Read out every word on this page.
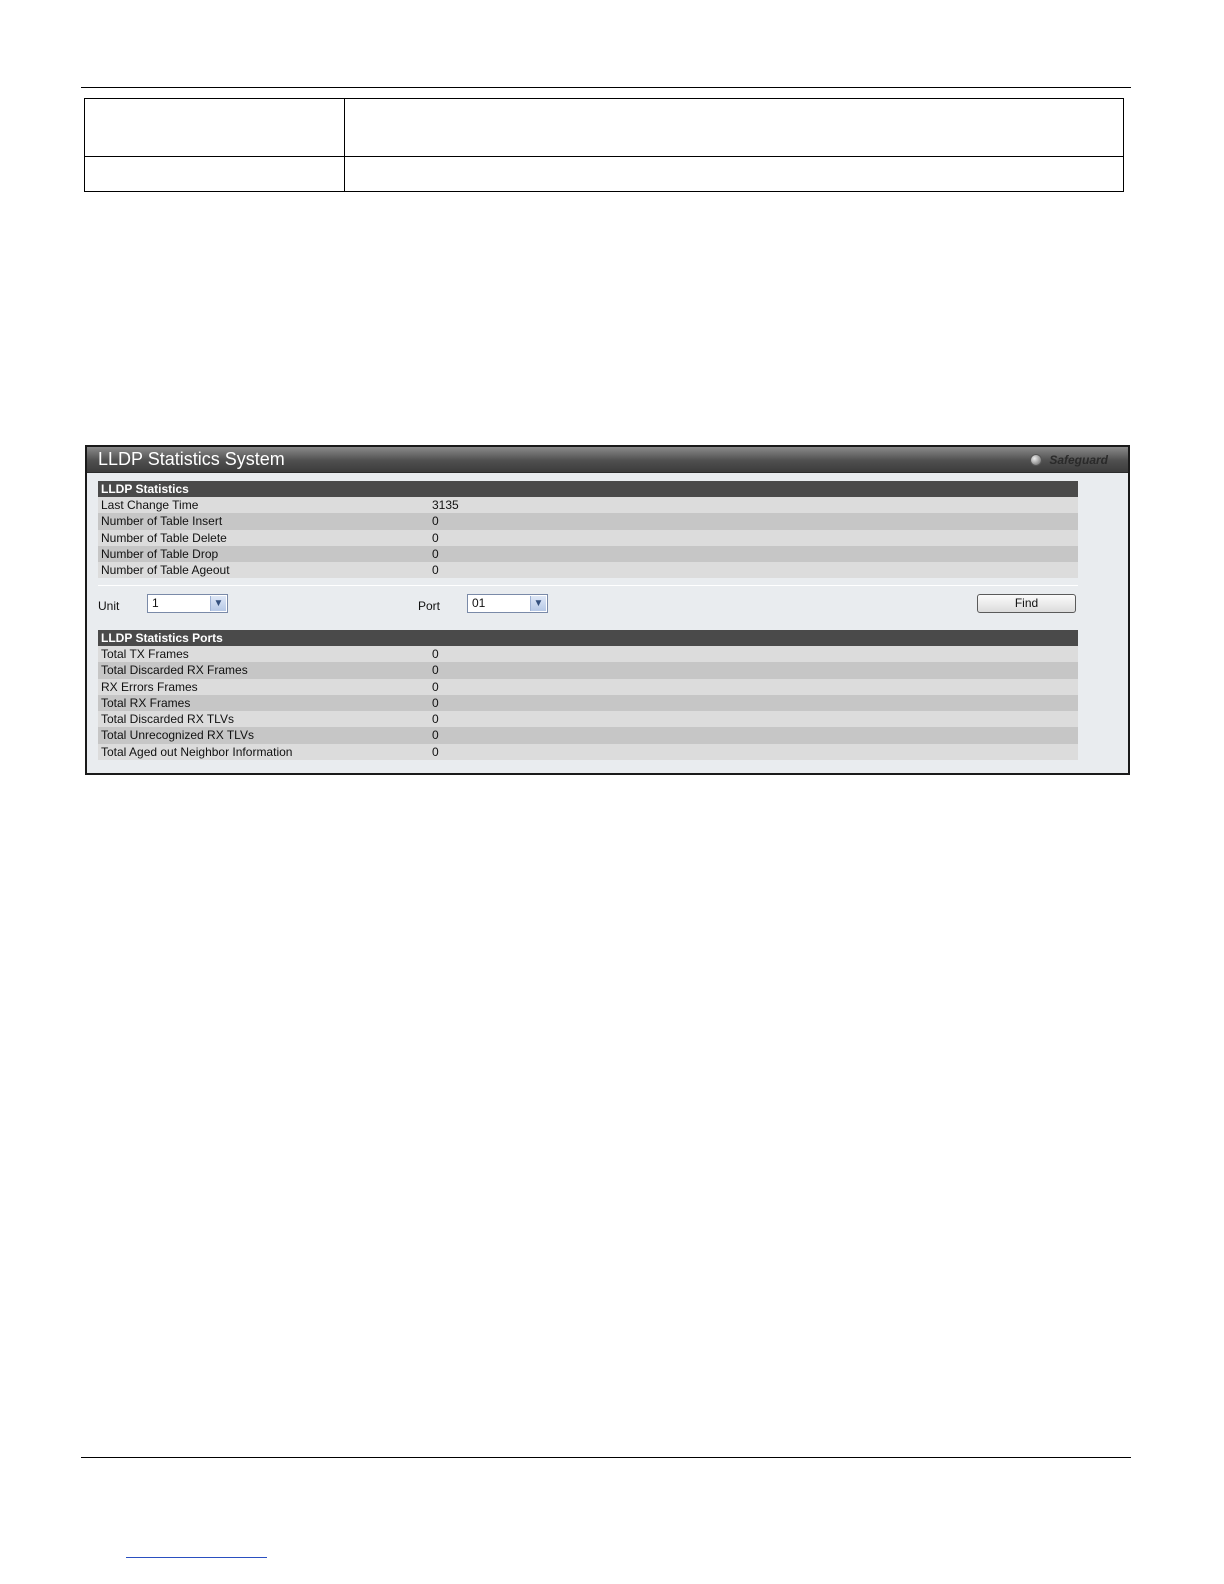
LLDP Statistics System	Safeguard
LLDP Statistics
Last Change Time	3135
Number of Table Insert	0
Number of Table Delete	0
Number of Table Drop	0
Number of Table Ageout	0
Unit	1	▼	Port	01	▼	Find
LLDP Statistics Ports
Total TX Frames	0
Total Discarded RX Frames	0
RX Errors Frames	0
Total RX Frames	0
Total Discarded RX TLVs	0
Total Unrecognized RX TLVs	0
Total Aged out Neighbor Information	0
